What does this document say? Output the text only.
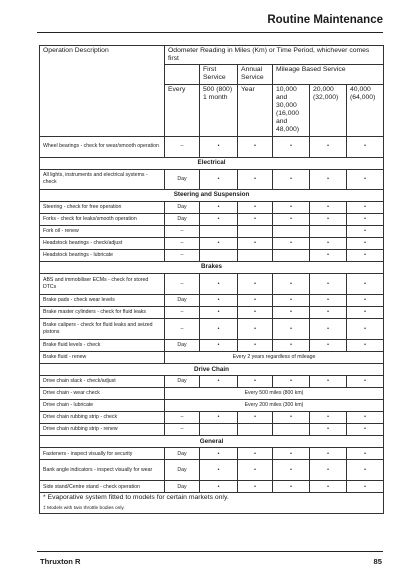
Routine Maintenance
Operation Description	Odometer Reading in Miles (Km) or Time Period, whichever comes first					
		First Service	Annual Service	Mileage Based Service		
	Every	500 (800) 1 month	Year	10,000 and 30,000 (16,000 and 48,000)	20,000 (32,000)	40,000 (64,000)
Wheel bearings - check for wear/smooth operation	–	•	•	•	•	•
Electrical						
All lights, instruments and electrical systems - check	Day	•	•	•	•	•
Steering and Suspension						
Steering - check for free operation	Day	•	•	•	•	•
Forks - check for leaks/smooth operation	Day	•	•	•	•	•
Fork oil - renew	–					•
Headstock bearings - check/adjust	–	•	•	•	•	•
Headstock bearings - lubricate	–				•	•
Brakes						
ABS and immobiliser ECMs - check for stored DTCs	–	•	•	•	•	•
Brake pads - check wear levels	Day	•	•	•	•	•
Brake master cylinders - check for fluid leaks	–	•	•	•	•	•
Brake calipers - check for fluid leaks and seized pistons	–	•	•	•	•	•
Brake fluid levels - check	Day	•	•	•	•	•
Brake fluid - renew	Every 2 years regardless of mileage					
Drive Chain						
Drive chain slack - check/adjust	Day	•	•	•	•	•
Drive chain - wear check	Every 500 miles (800 km)					
Drive chain - lubricate	Every 200 miles (300 km)					
Drive chain rubbing strip - check	–	•	•	•	•	•
Drive chain rubbing strip - renew	–				•	•
General						
Fasteners - inspect visually for security	Day	•	•	•	•	•
Bank angle indicators - inspect visually for wear	Day	•	•	•	•	•
Side stand/Centre stand - check operation	Day	•	•	•	•	•

* Evaporative system fitted to models for certain markets only.
‡ Models with twin throttle bodies only.						
Thruxton R	85
